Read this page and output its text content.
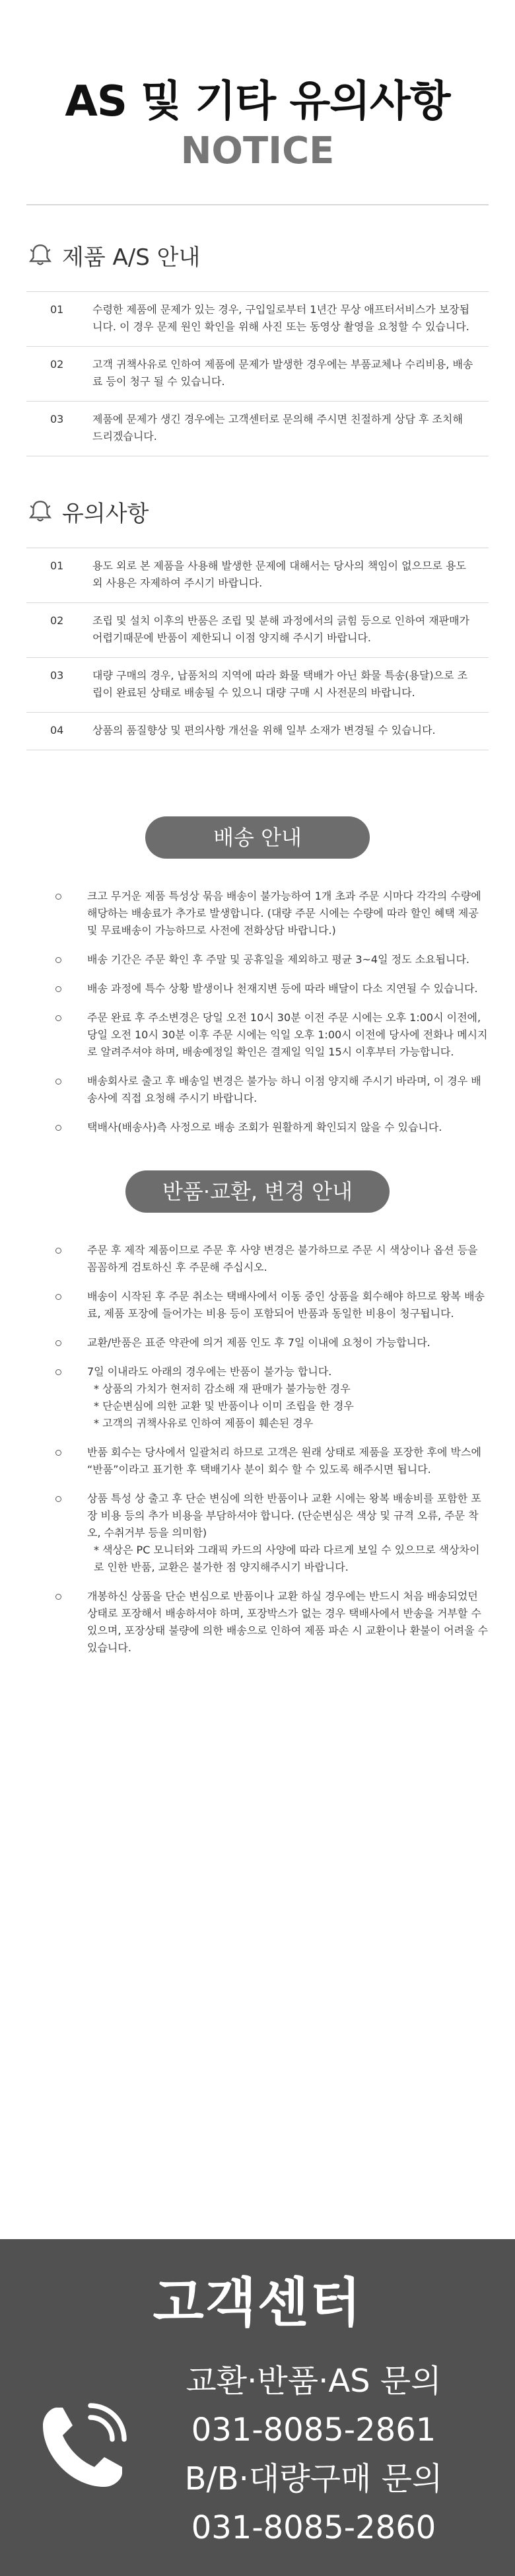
AS 및 기타 유의사항
NOTICE
제품 A/S 안내
01	수령한 제품에 문제가 있는 경우, 구입일로부터 1년간 무상 애프터서비스가 보장됩니다. 이 경우 문제 원인 확인을 위해 사진 또는 동영상 촬영을 요청할 수 있습니다.
02	고객 귀책사유로 인하여 제품에 문제가 발생한 경우에는 부품교체나 수리비용, 배송료 등이 청구 될 수 있습니다.
03	제품에 문제가 생긴 경우에는 고객센터로 문의해 주시면 친절하게 상담 후 조치해 드리겠습니다.
유의사항
01	용도 외로 본 제품을 사용해 발생한 문제에 대해서는 당사의 책임이 없으므로 용도 외 사용은 자제하여 주시기 바랍니다.
02	조립 및 설치 이후의 반품은 조립 및 분해 과정에서의 긁힘 등으로 인하여 재판매가 어렵기때문에 반품이 제한되니 이점 양지해 주시기 바랍니다.
03	대량 구매의 경우, 납품처의 지역에 따라 화물 택배가 아닌 화물 특송(용달)으로 조립이 완료된 상태로 배송될 수 있으니 대량 구매 시 사전문의 바랍니다.
04	상품의 품질향상 및 편의사항 개선을 위해 일부 소재가 변경될 수 있습니다.
배송 안내
크고 무거운 제품 특성상 묶음 배송이 불가능하여 1개 초과 주문 시마다 각각의 수량에 해당하는 배송료가 추가로 발생합니다. (대량 주문 시에는 수량에 따라 할인 혜택 제공 및 무료배송이 가능하므로 사전에 전화상담 바랍니다.)
배송 기간은 주문 확인 후 주말 및 공휴일을 제외하고 평균 3~4일 정도 소요됩니다.
배송 과정에 특수 상황 발생이나 천재지변 등에 따라 배달이 다소 지연될 수 있습니다.
주문 완료 후 주소변경은 당일 오전 10시 30분 이전 주문 시에는 오후 1:00시 이전에, 당일 오전 10시 30분 이후 주문 시에는 익일 오후 1:00시 이전에 당사에 전화나 메시지로 알려주셔야 하며, 배송예정일 확인은 결제일 익일 15시 이후부터 가능합니다.
배송회사로 출고 후 배송일 변경은 불가능 하니 이점 양지해 주시기 바라며, 이 경우 배송사에 직접 요청해 주시기 바랍니다.
택배사(배송사)측 사정으로 배송 조회가 원활하게 확인되지 않을 수 있습니다.
반품·교환, 변경 안내
주문 후 제작 제품이므로 주문 후 사양 변경은 불가하므로 주문 시 색상이나 옵션 등을 꼼꼼하게 검토하신 후 주문해 주십시오.
배송이 시작된 후 주문 취소는 택배사에서 이동 중인 상품을 회수해야 하므로 왕복 배송료, 제품 포장에 들어가는 비용 등이 포함되어 반품과 동일한 비용이 청구됩니다.
교환/반품은 표준 약관에 의거 제품 인도 후 7일 이내에 요청이 가능합니다.
7일 이내라도 아래의 경우에는 반품이 불가능 합니다.
* 상품의 가치가 현저히 감소해 재 판매가 불가능한 경우
* 단순변심에 의한 교환 및 반품이나 이미 조립을 한 경우
* 고객의 귀책사유로 인하여 제품이 훼손된 경우
반품 회수는 당사에서 일괄처리 하므로 고객은 원래 상태로 제품을 포장한 후에 박스에 “반품”이라고 표기한 후 택배기사 분이 회수 할 수 있도록 해주시면 됩니다.
상품 특성 상 출고 후 단순 변심에 의한 반품이나 교환 시에는 왕복 배송비를 포함한 포장 비용 등의 추가 비용을 부담하셔야 합니다. (단순변심은 색상 및 규격 오류, 주문 착오, 수취거부 등을 의미함)
* 색상은 PC 모니터와 그래픽 카드의 사양에 따라 다르게 보일 수 있으므로 색상차이로 인한 반품, 교환은 불가한 점 양지해주시기 바랍니다.
개봉하신 상품을 단순 변심으로 반품이나 교환 하실 경우에는 반드시 처음 배송되었던 상태로 포장해서 배송하셔야 하며, 포장박스가 없는 경우 택배사에서 반송을 거부할 수 있으며, 포장상태 불량에 의한 배송으로 인하여 제품 파손 시 교환이나 환불이 어려울 수 있습니다.
고객센터
교환·반품·AS 문의
031-8085-2861
B/B·대량구매 문의
031-8085-2860
